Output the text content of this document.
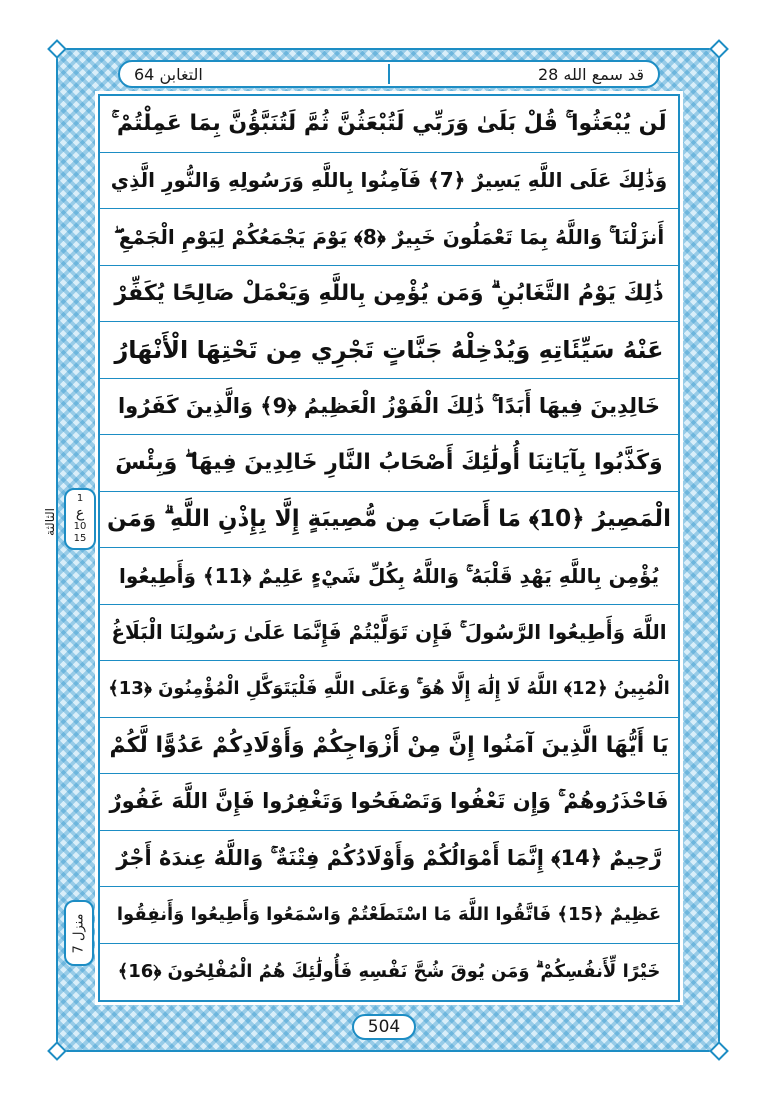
التغابن 64	قد سمع الله 28
لَن يُبْعَثُوا ۚ قُلْ بَلَىٰ وَرَبِّي لَتُبْعَثُنَّ ثُمَّ لَتُنَبَّؤُنَّ بِمَا عَمِلْتُمْ ۚ
وَذَٰلِكَ عَلَى اللَّهِ يَسِيرٌ ﴿7﴾ فَآمِنُوا بِاللَّهِ وَرَسُولِهِ وَالنُّورِ الَّذِي
أَنزَلْنَا ۚ وَاللَّهُ بِمَا تَعْمَلُونَ خَبِيرٌ ﴿8﴾ يَوْمَ يَجْمَعُكُمْ لِيَوْمِ الْجَمْعِ ۖ
ذَٰلِكَ يَوْمُ التَّغَابُنِ ۗ وَمَن يُؤْمِن بِاللَّهِ وَيَعْمَلْ صَالِحًا يُكَفِّرْ
عَنْهُ سَيِّئَاتِهِ وَيُدْخِلْهُ جَنَّاتٍ تَجْرِي مِن تَحْتِهَا الْأَنْهَارُ
خَالِدِينَ فِيهَا أَبَدًا ۚ ذَٰلِكَ الْفَوْزُ الْعَظِيمُ ﴿9﴾ وَالَّذِينَ كَفَرُوا
وَكَذَّبُوا بِآيَاتِنَا أُولَٰئِكَ أَصْحَابُ النَّارِ خَالِدِينَ فِيهَا ۖ وَبِئْسَ
الْمَصِيرُ ﴿10﴾ مَا أَصَابَ مِن مُّصِيبَةٍ إِلَّا بِإِذْنِ اللَّهِ ۗ وَمَن
يُؤْمِن بِاللَّهِ يَهْدِ قَلْبَهُ ۚ وَاللَّهُ بِكُلِّ شَيْءٍ عَلِيمٌ ﴿11﴾ وَأَطِيعُوا
اللَّهَ وَأَطِيعُوا الرَّسُولَ ۚ فَإِن تَوَلَّيْتُمْ فَإِنَّمَا عَلَىٰ رَسُولِنَا الْبَلَاغُ
الْمُبِينُ ﴿12﴾ اللَّهُ لَا إِلَٰهَ إِلَّا هُوَ ۚ وَعَلَى اللَّهِ فَلْيَتَوَكَّلِ الْمُؤْمِنُونَ ﴿13﴾
يَا أَيُّهَا الَّذِينَ آمَنُوا إِنَّ مِنْ أَزْوَاجِكُمْ وَأَوْلَادِكُمْ عَدُوًّا لَّكُمْ
فَاحْذَرُوهُمْ ۚ وَإِن تَعْفُوا وَتَصْفَحُوا وَتَغْفِرُوا فَإِنَّ اللَّهَ غَفُورٌ
رَّحِيمٌ ﴿14﴾ إِنَّمَا أَمْوَالُكُمْ وَأَوْلَادُكُمْ فِتْنَةٌ ۚ وَاللَّهُ عِندَهُ أَجْرٌ
عَظِيمٌ ﴿15﴾ فَاتَّقُوا اللَّهَ مَا اسْتَطَعْتُمْ وَاسْمَعُوا وَأَطِيعُوا وَأَنفِقُوا
خَيْرًا لِّأَنفُسِكُمْ ۗ وَمَن يُوقَ شُحَّ نَفْسِهِ فَأُولَٰئِكَ هُمُ الْمُفْلِحُونَ ﴿16﴾
الثالثة
1
ع
10
15
منزل 7
504
